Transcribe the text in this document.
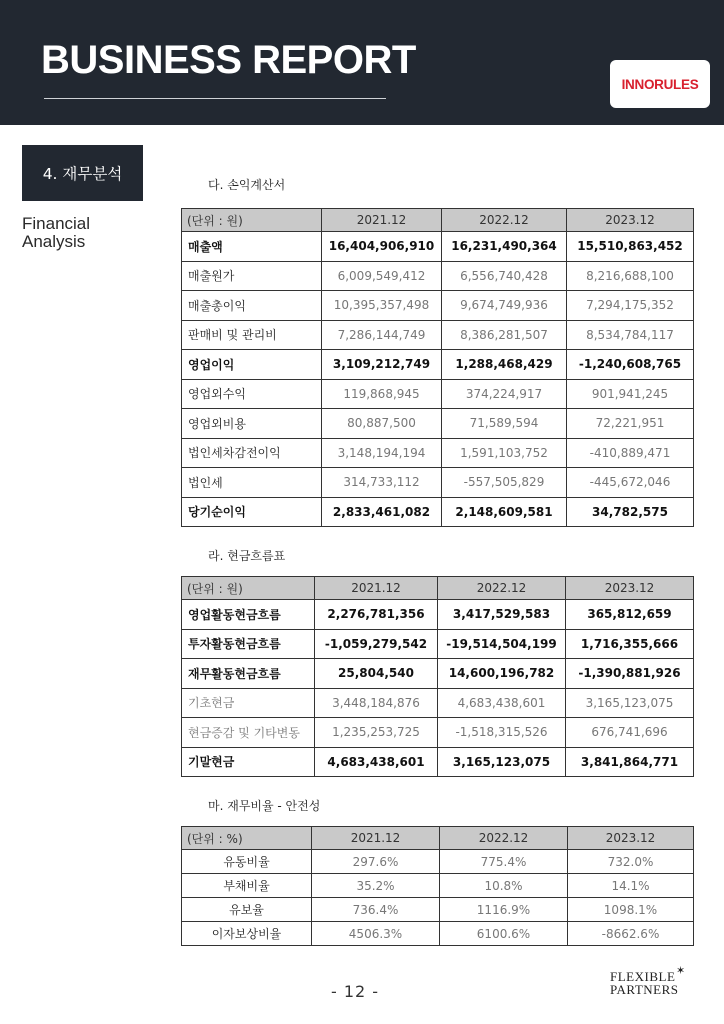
BUSINESS REPORT
INNORULES
4. 재무분석
Financial
Analysis
다. 손익계산서
(단위 : 원)	2021.12	2022.12	2023.12
매출액	16,404,906,910	16,231,490,364	15,510,863,452
매출원가	6,009,549,412	6,556,740,428	8,216,688,100
매출총이익	10,395,357,498	9,674,749,936	7,294,175,352
판매비 및 관리비	7,286,144,749	8,386,281,507	8,534,784,117
영업이익	3,109,212,749	1,288,468,429	-1,240,608,765
영업외수익	119,868,945	374,224,917	901,941,245
영업외비용	80,887,500	71,589,594	72,221,951
법인세차감전이익	3,148,194,194	1,591,103,752	-410,889,471
법인세	314,733,112	-557,505,829	-445,672,046
당기순이익	2,833,461,082	2,148,609,581	34,782,575
라. 현금흐름표
(단위 : 원)	2021.12	2022.12	2023.12
영업활동현금흐름	2,276,781,356	3,417,529,583	365,812,659
투자활동현금흐름	-1,059,279,542	-19,514,504,199	1,716,355,666
재무활동현금흐름	25,804,540	14,600,196,782	-1,390,881,926
기초현금	3,448,184,876	4,683,438,601	3,165,123,075
현금증감 및 기타변동	1,235,253,725	-1,518,315,526	676,741,696
기말현금	4,683,438,601	3,165,123,075	3,841,864,771
마. 재무비율 - 안전성
(단위 : %)	2021.12	2022.12	2023.12
유동비율	297.6%	775.4%	732.0%
부채비율	35.2%	10.8%	14.1%
유보율	736.4%	1116.9%	1098.1%
이자보상비율	4506.3%	6100.6%	-8662.6%
- 12 -
FLEXIBLE
PARTNERS
✶
